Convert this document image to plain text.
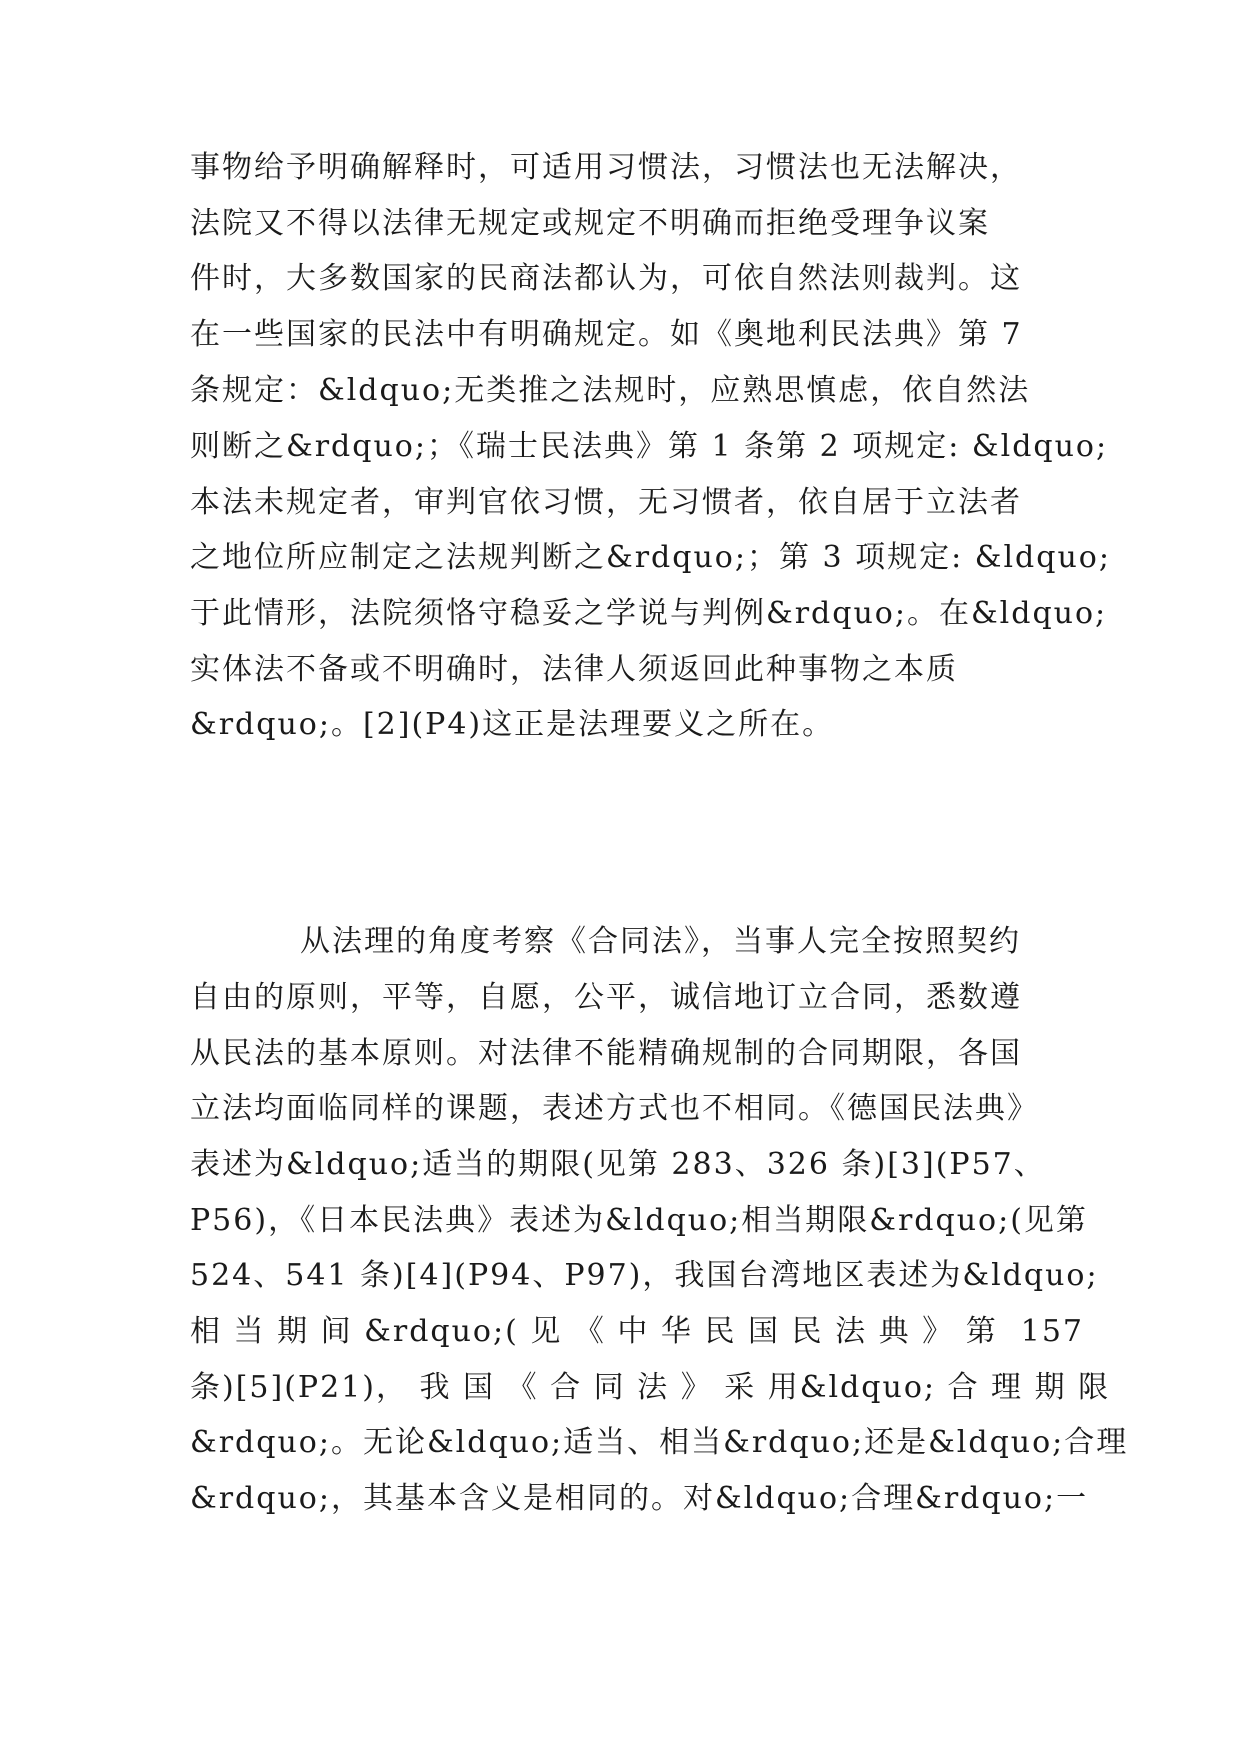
事物给予明确解释时，可适用习惯法，习惯法也无法解决，
法院又不得以法律无规定或规定不明确而拒绝受理争议案
件时，大多数国家的民商法都认为，可依自然法则裁判。这
在一些国家的民法中有明确规定。如《奥地利民法典》第 7
条规定：&ldquo;无类推之法规时，应熟思慎虑，依自然法
则断之&rdquo;；《瑞士民法典》第 1 条第 2 项规定: &ldquo;
本法未规定者，审判官依习惯，无习惯者，依自居于立法者
之地位所应制定之法规判断之&rdquo;；第 3 项规定: &ldquo;
于此情形，法院须恪守稳妥之学说与判例&rdquo;。在&ldquo;
实体法不备或不明确时，法律人须返回此种事物之本质
&rdquo;。[2](P4)这正是法理要义之所在。
从法理的角度考察《合同法》，当事人完全按照契约
自由的原则，平等，自愿，公平，诚信地订立合同，悉数遵
从民法的基本原则。对法律不能精确规制的合同期限，各国
立法均面临同样的课题，表述方式也不相同。《德国民法典》
表述为&ldquo;适当的期限(见第 283、326 条)[3](P57、
P56)，《日本民法典》表述为&ldquo;相当期限&rdquo;(见第
524、541 条)[4](P94、P97)，我国台湾地区表述为&ldquo;
相 当 期 间 &rdquo;( 见 《 中 华 民 国 民 法 典 》 第  157
条)[5](P21)， 我 国 《 合 同 法 》 采 用&ldquo; 合 理 期 限
&rdquo;。无论&ldquo;适当、相当&rdquo;还是&ldquo;合理
&rdquo;，其基本含义是相同的。对&ldquo;合理&rdquo;一
